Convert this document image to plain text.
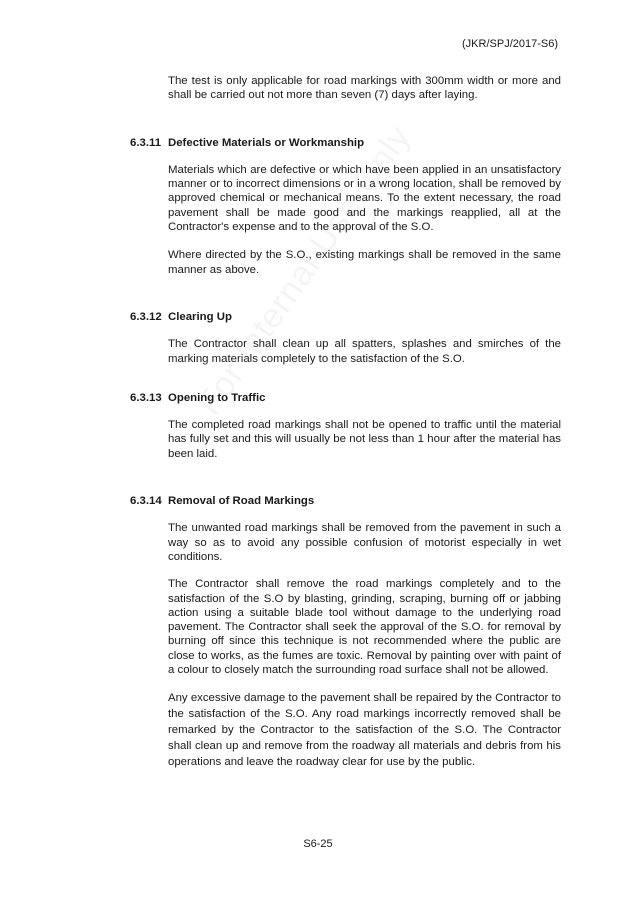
(JKR/SPJ/2017-S6)

The test is only applicable for road markings with 300mm width or more and shall be carried out not more than seven (7) days after laying.

6.3.11 Defective Materials or Workmanship

Materials which are defective or which have been applied in an unsatisfactory manner or to incorrect dimensions or in a wrong location, shall be removed by approved chemical or mechanical means. To the extent necessary, the road pavement shall be made good and the markings reapplied, all at the Contractor's expense and to the approval of the S.O.

Where directed by the S.O., existing markings shall be removed in the same manner as above.

6.3.12 Clearing Up

The Contractor shall clean up all spatters, splashes and smirches of the marking materials completely to the satisfaction of the S.O.

6.3.13 Opening to Traffic

The completed road markings shall not be opened to traffic until the material has fully set and this will usually be not less than 1 hour after the material has been laid.

6.3.14 Removal of Road Markings

The unwanted road markings shall be removed from the pavement in such a way so as to avoid any possible confusion of motorist especially in wet conditions.

The Contractor shall remove the road markings completely and to the satisfaction of the S.O by blasting, grinding, scraping, burning off or jabbing action using a suitable blade tool without damage to the underlying road pavement. The Contractor shall seek the approval of the S.O. for removal by burning off since this technique is not recommended where the public are close to works, as the fumes are toxic. Removal by painting over with paint of a colour to closely match the surrounding road surface shall not be allowed.

Any excessive damage to the pavement shall be repaired by the Contractor to the satisfaction of the S.O. Any road markings incorrectly removed shall be remarked by the Contractor to the satisfaction of the S.O. The Contractor shall clean up and remove from the roadway all materials and debris from his operations and leave the roadway clear for use by the public.

S6-25
